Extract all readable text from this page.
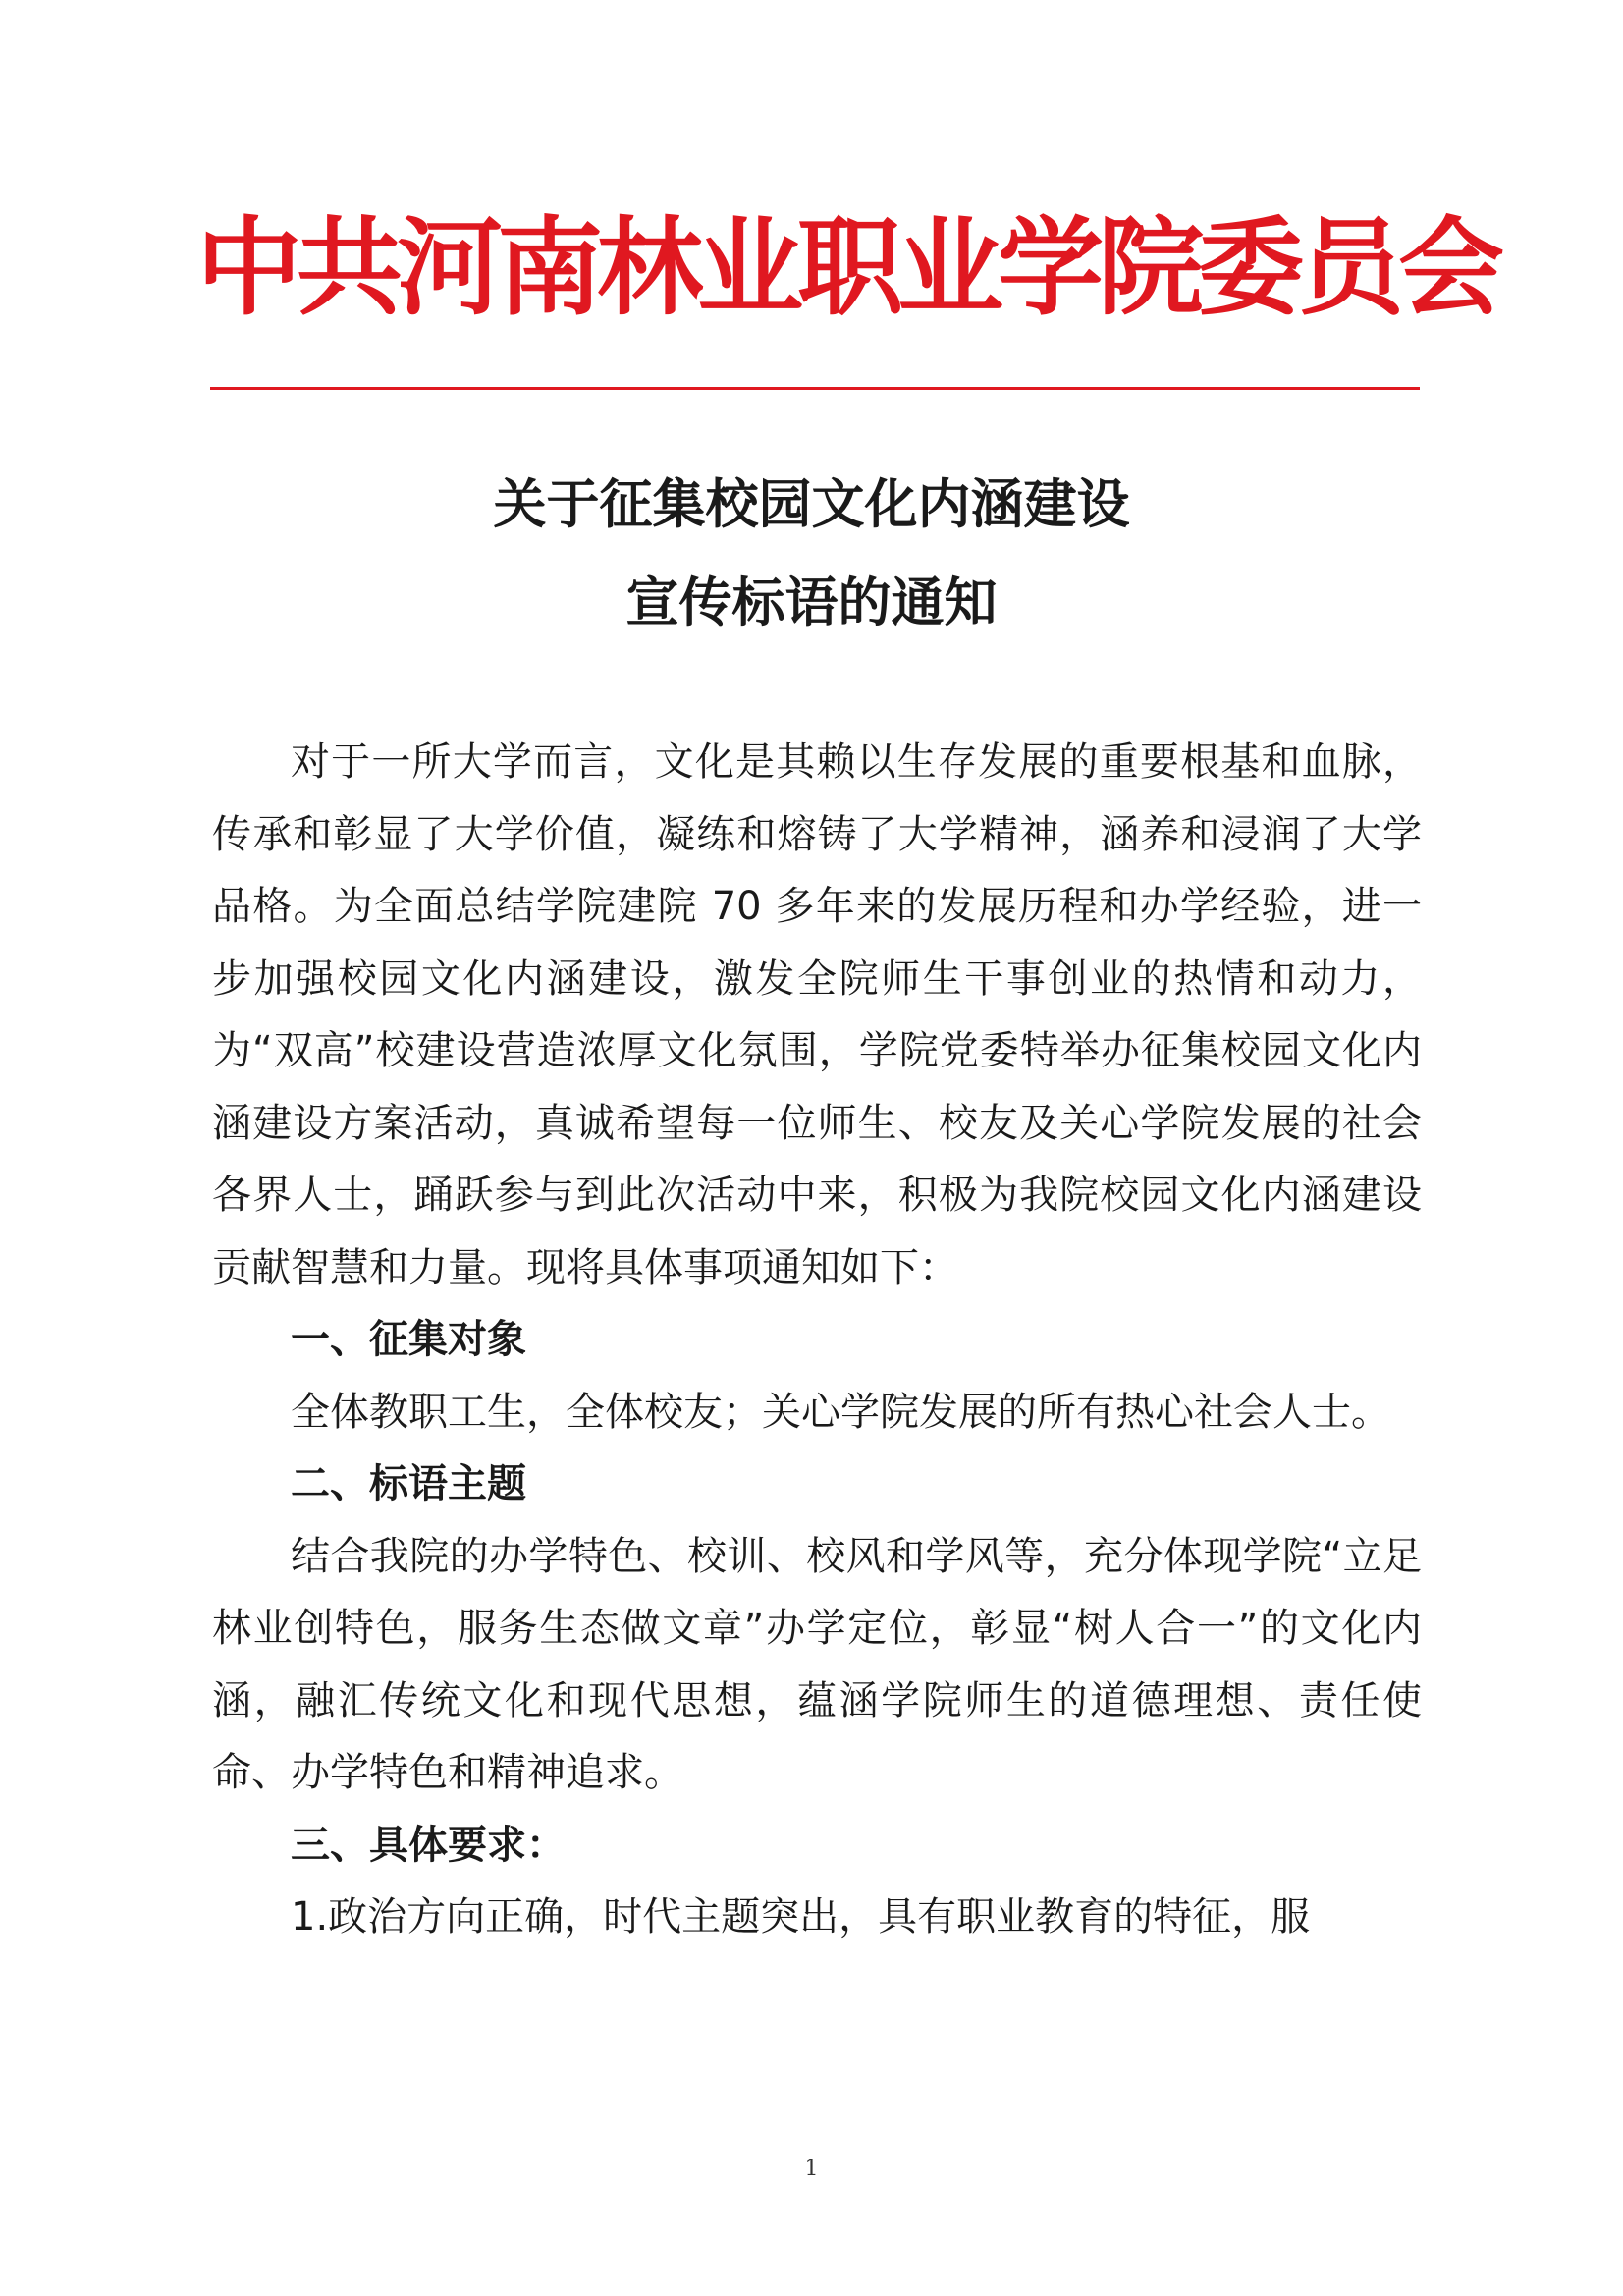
中共河南林业职业学院委员会
关于征集校园文化内涵建设
宣传标语的通知

对于一所大学而言，文化是其赖以生存发展的重要根基和血脉，传承和彰显了大学价值，凝练和熔铸了大学精神，涵养和浸润了大学品格。为全面总结学院建院 70 多年来的发展历程和办学经验，进一步加强校园文化内涵建设，激发全院师生干事创业的热情和动力，为“双高”校建设营造浓厚文化氛围，学院党委特举办征集校园文化内涵建设方案活动，真诚希望每一位师生、校友及关心学院发展的社会各界人士，踊跃参与到此次活动中来，积极为我院校园文化内涵建设贡献智慧和力量。现将具体事项通知如下：

一、征集对象

全体教职工生，全体校友；关心学院发展的所有热心社会人士。

二、标语主题

结合我院的办学特色、校训、校风和学风等，充分体现学院“立足林业创特色，服务生态做文章”办学定位，彰显“树人合一”的文化内涵，融汇传统文化和现代思想，蕴涵学院师生的道德理想、责任使命、办学特色和精神追求。

三、具体要求：

1.政治方向正确，时代主题突出，具有职业教育的特征，服

1
